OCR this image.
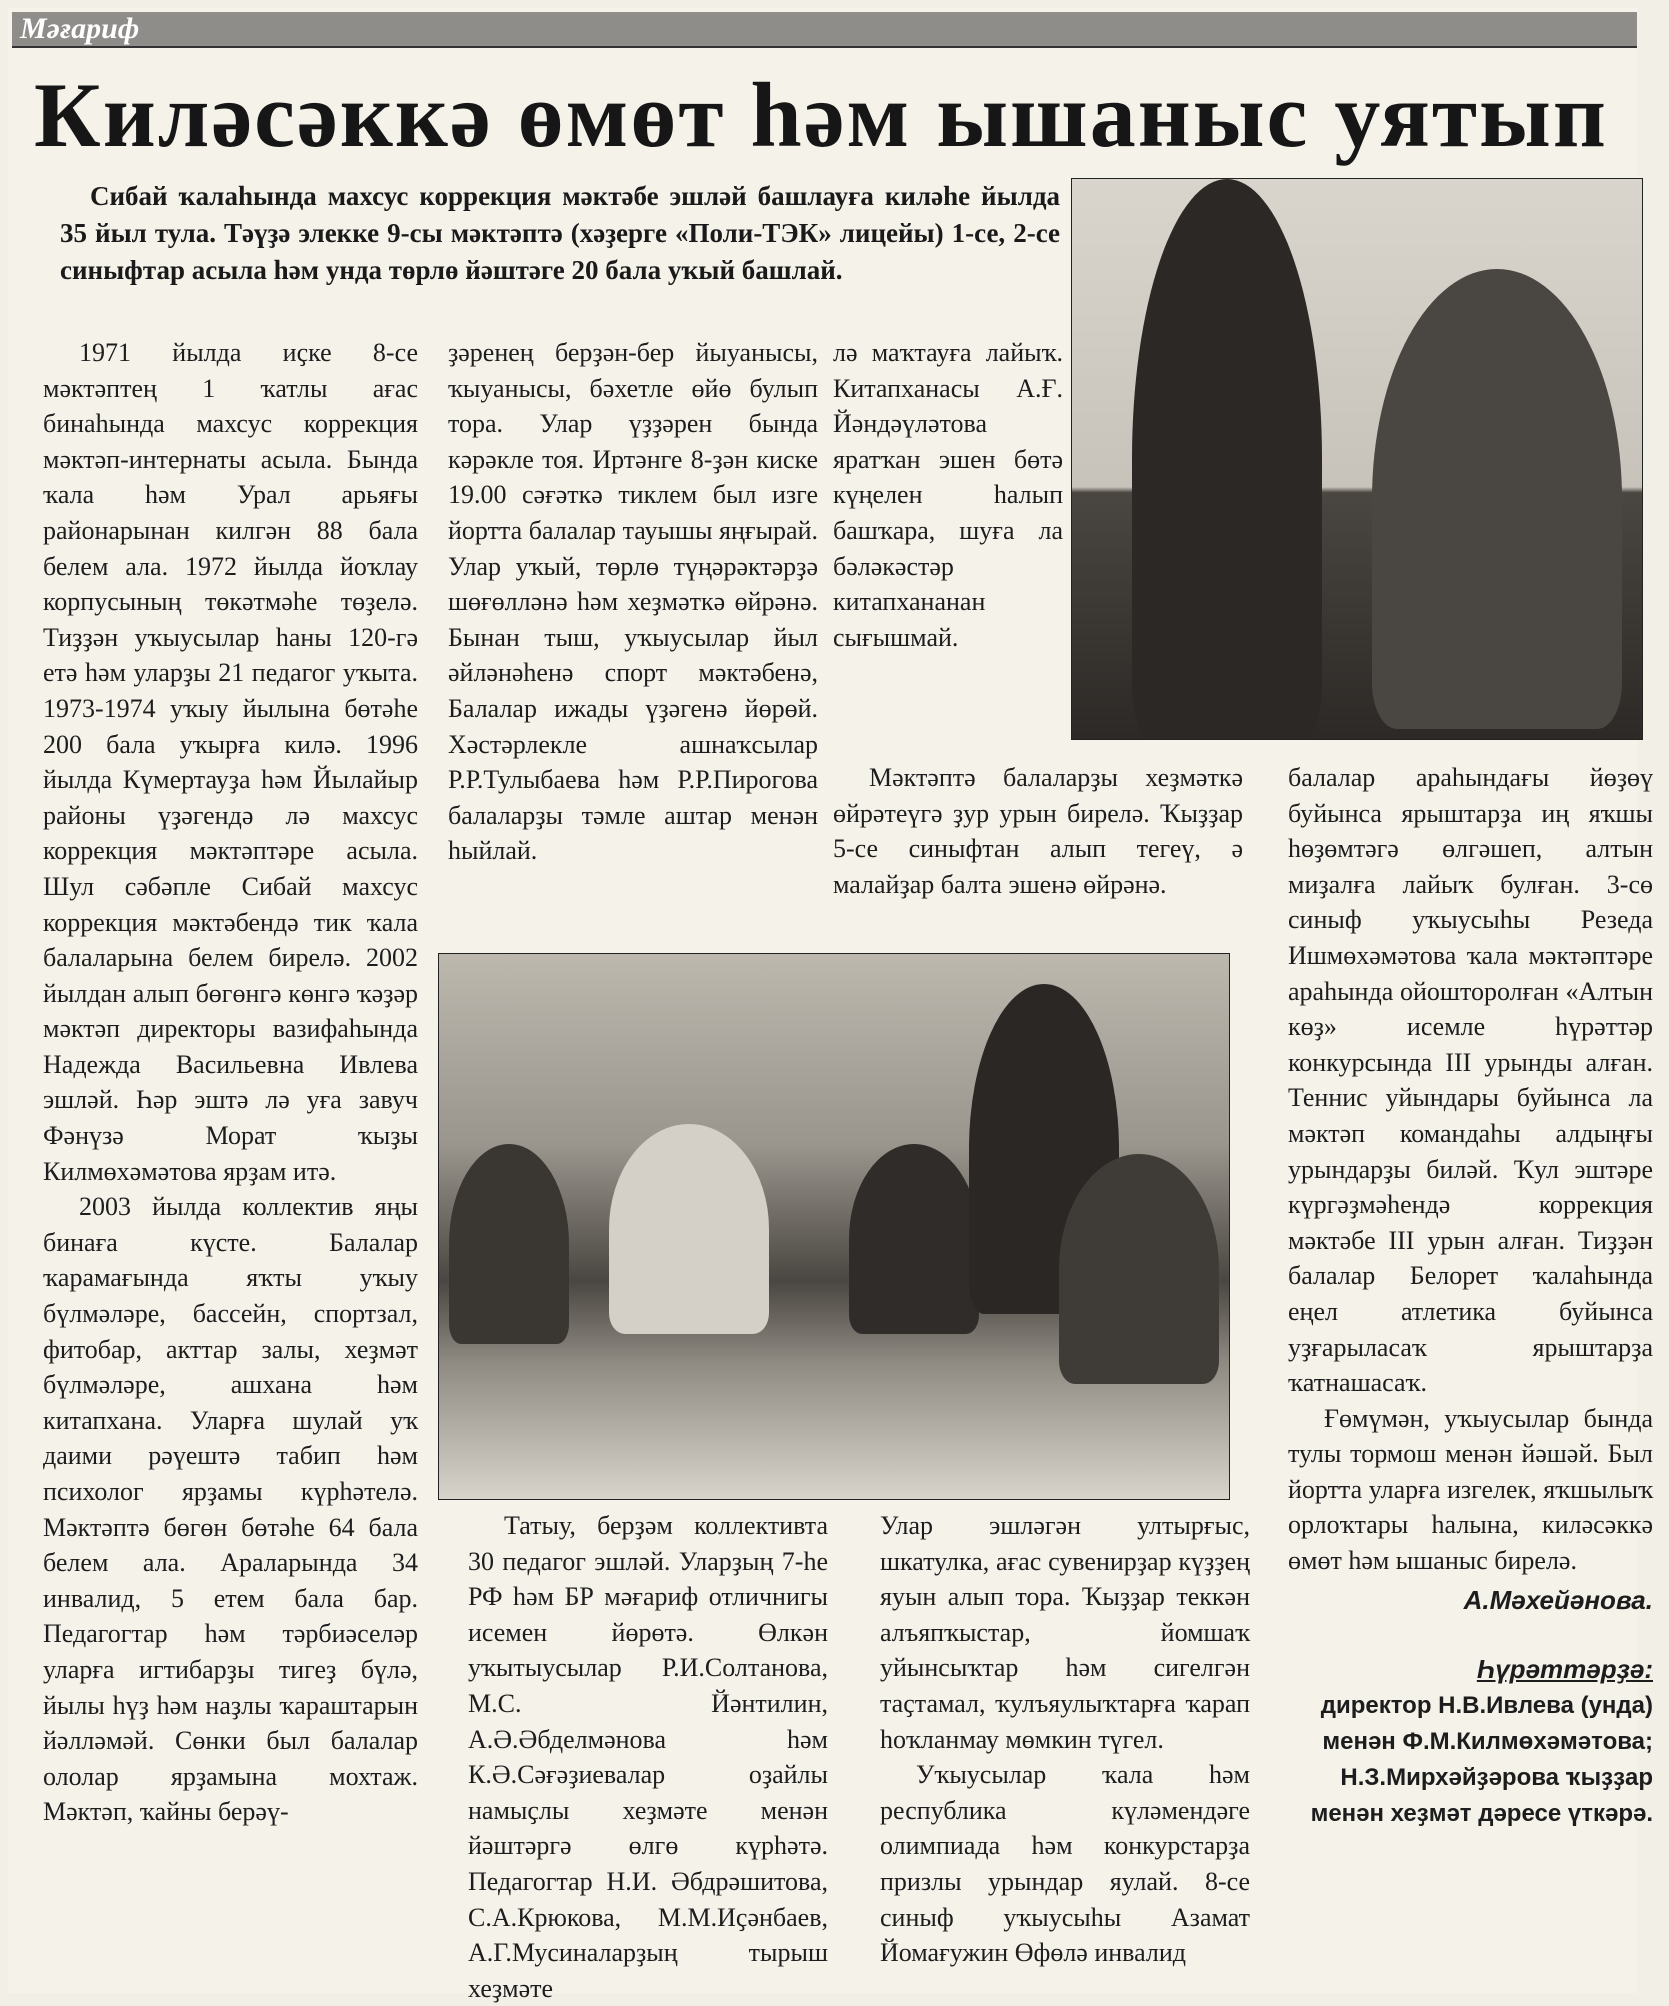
Мәғариф
Киләсәккә өмөт һәм ышаныс уятып
Сибай ҡалаһында махсус коррекция мәктәбе эшләй башлауға киләһе йылда 35 йыл тула. Тәүҙә элекке 9-сы мәктәптә (хәҙерге «Поли-ТЭК» лицейы) 1-се, 2-се синыфтар асыла һәм унда төрлө йәштәге 20 бала уҡый башлай.

1971 йылда иҫке 8-се мәктәптең 1 ҡатлы ағас бинаһында махсус коррекция мәктәп-интернаты асыла. Бында ҡала һәм Урал арьяғы районарынан килгән 88 бала белем ала. 1972 йылда йоҡлау корпусының төкәтмәһе төҙелә. Тиҙҙән уҡыусылар һаны 120-гә етә һәм уларҙы 21 педагог уҡыта. 1973-1974 уҡыу йылына бөтәһе 200 бала уҡырға килә. 1996 йылда Күмертауҙа һәм Йылайыр районы үҙәгендә лә махсус коррекция мәктәптәре асыла. Шул сәбәпле Сибай махсус коррекция мәктәбендә тик ҡала балаларына белем бирелә. 2002 йылдан алып бөгөнгә көнгә ҡәҙәр мәктәп директоры вазифаһында Надежда Васильевна Ивлева эшләй. Һәр эштә лә уға завуч Фәнүзә Морат ҡыҙы Килмөхәмәтова ярҙам итә.

2003 йылда коллектив яңы бинаға күсте. Балалар ҡарамағында яҡты уҡыу бүлмәләре, бассейн, спортзал, фитобар, акттар залы, хеҙмәт бүлмәләре, ашхана һәм китапхана. Уларға шулай уҡ даими рәүештә табип һәм психолог ярҙамы күрһәтелә. Мәктәптә бөгөн бөтәһе 64 бала белем ала. Араларында 34 инвалид, 5 етем бала бар. Педагогтар һәм тәрбиәселәр уларға игтибарҙы тигеҙ бүлә, йылы һүҙ һәм наҙлы ҡараштарын йәлләмәй. Сөнки был балалар ололар ярҙамына мохтаж. Мәктәп, ҡайны берәү-

ҙәренең берҙән-бер йыуанысы, ҡыуанысы, бәхетле өйө булып тора. Улар үҙҙәрен бында кәрәкле тоя. Иртәнге 8-ҙән киске 19.00 сәғәткә тиклем был изге йортта балалар тауышы яңғырай. Улар уҡый, төрлө түңәрәктәрҙә шөғөлләнә һәм хеҙмәткә өйрәнә. Бынан тыш, уҡыусылар йыл әйләнәһенә спорт мәктәбенә, Балалар ижады үҙәгенә йөрөй. Хәстәрлекле ашнаҡсылар Р.Р.Тулыбаева һәм Р.Р.Пирогова балаларҙы тәмле аштар менән һыйлай.

лә маҡтауға лайыҡ. Китапханасы А.Ғ. Йәндәүләтова яратҡан эшен бөтә күңелен һалып башҡара, шуға ла бәләкәстәр китапхананан сығышмай.

Мәктәптә балаларҙы хеҙмәткә өйрәтеүгә ҙур урын бирелә. Ҡыҙҙар 5-се синыфтан алып тегеү, ә малайҙар балта эшенә өйрәнә.

Татыу, берҙәм коллективта 30 педагог эшләй. Уларҙың 7-һе РФ һәм БР мәғариф отличнигы исемен йөрөтә. Өлкән уҡытыусылар Р.И.Солтанова, М.С. Йәнтилин, А.Ә.Әбделмәнова һәм К.Ә.Сәғәҙиевалар оҙайлы намыҫлы хеҙмәте менән йәштәргә өлгө күрһәтә. Педагогтар Н.И. Әбдрәшитова, С.А.Крюкова, М.М.Иҫәнбаев, А.Г.Мусиналарҙың тырыш хеҙмәте

Улар эшләгән ултырғыс, шкатулка, ағас сувенирҙар күҙҙең яуын алып тора. Ҡыҙҙар теккән алъяпҡыстар, йомшаҡ уйынсыҡтар һәм сигелгән таҫтамал, ҡулъяулыҡтарға ҡарап һоҡланмау мөмкин түгел.

Уҡыусылар ҡала һәм республика күләмендәге олимпиада һәм конкурстарҙа призлы урындар яулай. 8-се синыф уҡыусыһы Азамат Йомағужин Өфөлә инвалид

балалар араһындағы йөҙөү буйынса ярыштарҙа иң яҡшы һөҙөмтәгә өлгәшеп, алтын миҙалға лайыҡ булған. 3-сө синыф уҡыусыһы Резеда Ишмөхәмәтова ҡала мәктәптәре араһында ойошторолған «Алтын көҙ» исемле һүрәттәр конкурсында III урынды алған. Теннис уйындары буйынса ла мәктәп командаһы алдыңғы урындарҙы биләй. Ҡул эштәре күргәҙмәһендә коррекция мәктәбе III урын алған. Тиҙҙән балалар Белорет ҡалаһында еңел атлетика буйынса уҙғарыласаҡ ярыштарҙа ҡатнашасаҡ.

Ғөмүмән, уҡыусылар бында тулы тормош менән йәшәй. Был йортта уларға изгелек, яҡшылыҡ орлоҡтары һалына, киләсәккә өмөт һәм ышаныс бирелә.

А.Мәхейәнова.
Һүрәттәрҙә:
директор Н.В.Ивлева (унда) менән Ф.М.Килмөхәмәтова; Н.З.Мирхәйҙәрова ҡыҙҙар менән хеҙмәт дәресе үткәрә.
